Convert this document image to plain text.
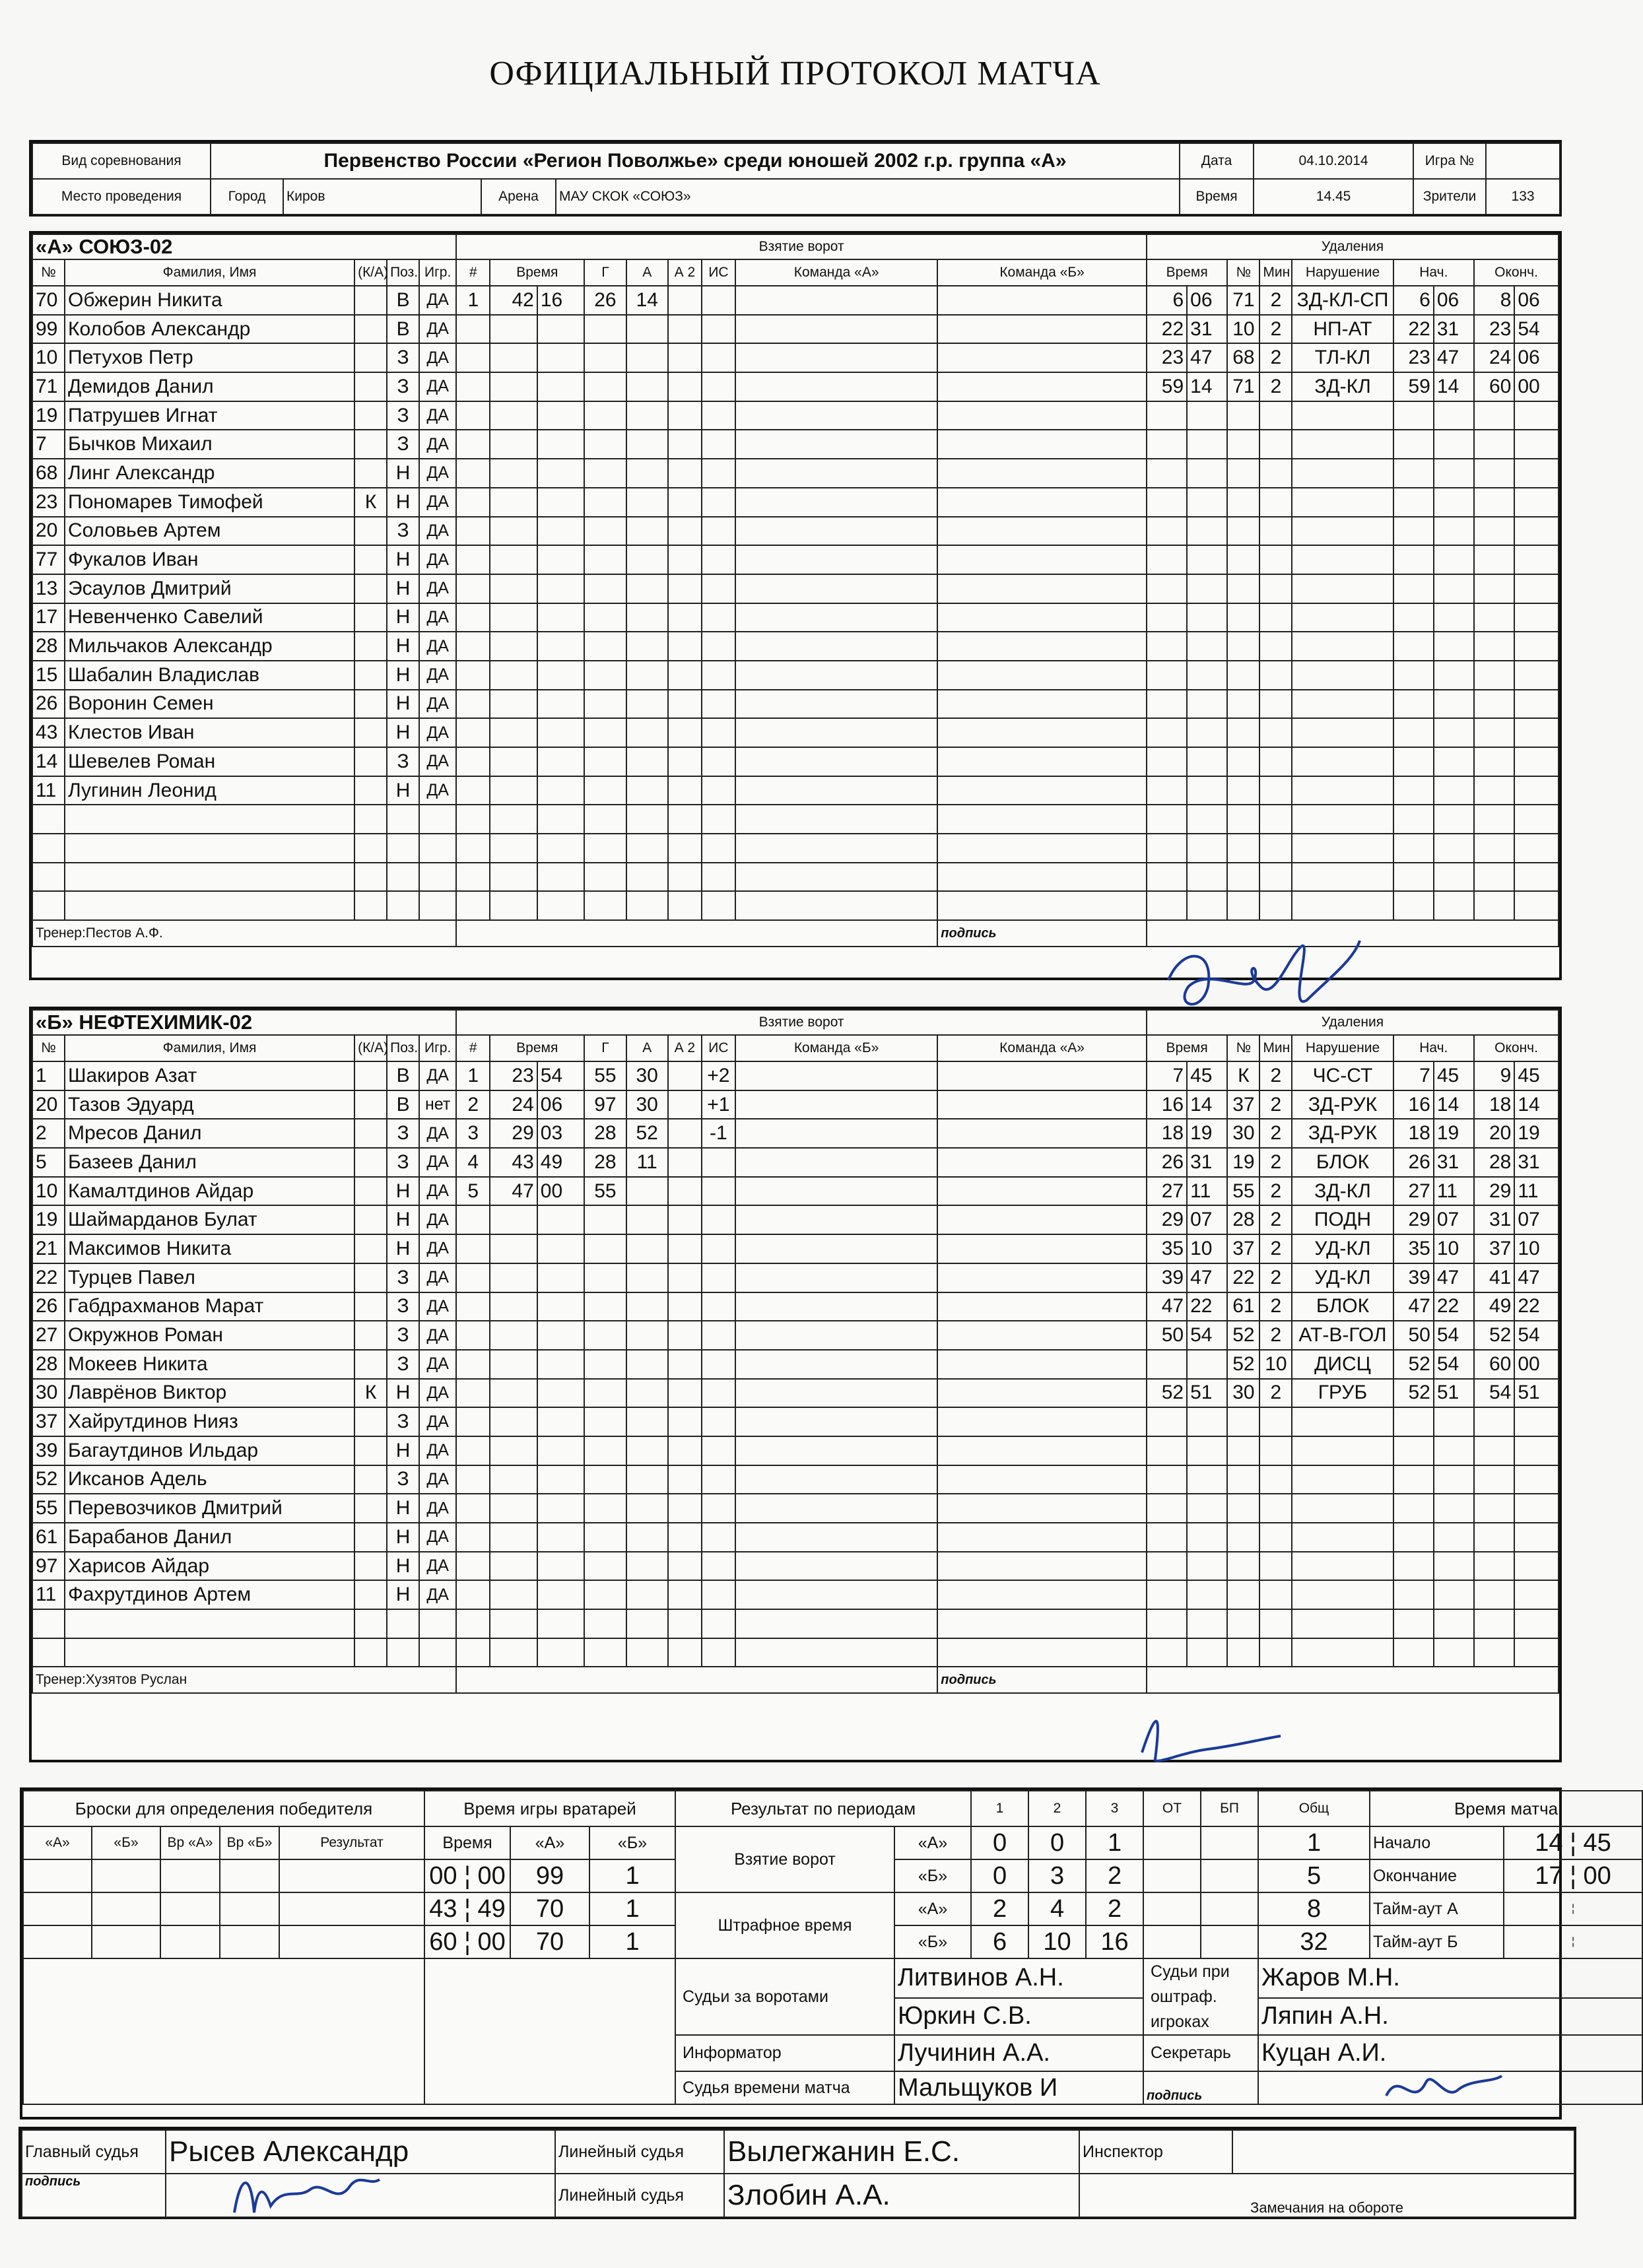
ОФИЦИАЛЬНЫЙ ПРОТОКОЛ МАТЧА
Вид соревнования	Первенство России «Регион Поволжье» среди юношей 2002 г.р. группа «А»				Дата	04.10.2014	Игра №	
Место проведения	Город	Киров	Арена	МАУ СКОК «СОЮЗ»	Время	14.45	Зрители	133
«А» СОЮЗ-02					Взятие ворот									Удаления								
№	Фамилия, Имя	(К/А)	Поз.	Игр.	#	Время		Г	А	А 2	ИС	Команда «А»	Команда «Б»	Время		№	Мин	Нарушение	Нач.		Оконч.	
70	Обжерин Никита		В	ДА	1	42	16	26	14					6	06	71	2	ЗД-КЛ-СП	6	06	8	06
99	Колобов Александр		В	ДА										22	31	10	2	НП-АТ	22	31	23	54
10	Петухов Петр		З	ДА										23	47	68	2	ТЛ-КЛ	23	47	24	06
71	Демидов Данил		З	ДА										59	14	71	2	ЗД-КЛ	59	14	60	00
19	Патрушев Игнат		З	ДА																		
7	Бычков Михаил		З	ДА																		
68	Линг Александр		Н	ДА																		
23	Пономарев Тимофей	К	Н	ДА																		
20	Соловьев Артем		З	ДА																		
77	Фукалов Иван		Н	ДА																		
13	Эсаулов Дмитрий		Н	ДА																		
17	Невенченко Савелий		Н	ДА																		
28	Мильчаков Александр		Н	ДА																		
15	Шабалин Владислав		Н	ДА																		
26	Воронин Семен		Н	ДА																		
43	Клестов Иван		Н	ДА																		
14	Шевелев Роман		З	ДА																		
11	Лугинин Леонид		Н	ДА																		

Тренер:Пестов А.Ф.													подпись									
«Б» НЕФТЕХИМИК-02					Взятие ворот									Удаления								
№	Фамилия, Имя	(К/А)	Поз.	Игр.	#	Время		Г	А	А 2	ИС	Команда «Б»	Команда «А»	Время		№	Мин	Нарушение	Нач.		Оконч.	
1	Шакиров Азат		В	ДА	1	23	54	55	30		+2			7	45	К	2	ЧС-СТ	7	45	9	45
20	Тазов Эдуард		В	нет	2	24	06	97	30		+1			16	14	37	2	ЗД-РУК	16	14	18	14
2	Мресов Данил		З	ДА	3	29	03	28	52		-1			18	19	30	2	ЗД-РУК	18	19	20	19
5	Базеев Данил		З	ДА	4	43	49	28	11					26	31	19	2	БЛОК	26	31	28	31
10	Камалтдинов Айдар		Н	ДА	5	47	00	55						27	11	55	2	ЗД-КЛ	27	11	29	11
19	Шаймарданов Булат		Н	ДА										29	07	28	2	ПОДН	29	07	31	07
21	Максимов Никита		Н	ДА										35	10	37	2	УД-КЛ	35	10	37	10
22	Турцев Павел		З	ДА										39	47	22	2	УД-КЛ	39	47	41	47
26	Габдрахманов Марат		З	ДА										47	22	61	2	БЛОК	47	22	49	22
27	Окружнов Роман		З	ДА										50	54	52	2	АТ-В-ГОЛ	50	54	52	54
28	Мокеев Никита		З	ДА												52	10	ДИСЦ	52	54	60	00
30	Лаврёнов Виктор	К	Н	ДА										52	51	30	2	ГРУБ	52	51	54	51
37	Хайрутдинов Нияз		З	ДА																		
39	Багаутдинов Ильдар		Н	ДА																		
52	Иксанов Адель		З	ДА																		
55	Перевозчиков Дмитрий		Н	ДА																		
61	Барабанов Данил		Н	ДА																		
97	Харисов Айдар		Н	ДА																		
11	Фахрутдинов Артем		Н	ДА																		

Тренер:Хузятов Руслан													подпись									
Броски для определения победителя					Время игры вратарей			Результат по периодам		1	2	3	ОТ	БП	Общ	Время матча	
«А»	«Б»	Вр «А»	Вр «Б»	Результат	Время	«А»	«Б»	Взятие ворот	«А»	0	0	1			1	Начало	14 ¦ 45
					00 ¦ 00	99	1		«Б»	0	3	2			5	Окончание	17 ¦ 00
					43 ¦ 49	70	1	Штрафное время	«А»	2	4	2			8	Тайм-аут А	¦
					60 ¦ 00	70	1		«Б»	6	10	16			32	Тайм-аут Б	¦
								Судьи за воротами	Литвинов А.Н.				Судьи при оштраф. игроках		Жаров М.Н.		
									Юркин С.В.						Ляпин А.Н.		
								Информатор	Лучинин А.А.				Секретарь		Куцан А.И.		
								Судья времени матча	Мальщуков И				подпись				
Главный судья	Рысев Александр	Линейный судья	Вылегжанин Е.С.	Инспектор	
подпись		Линейный судья	Злобин А.А.	Замечания на обороте	
